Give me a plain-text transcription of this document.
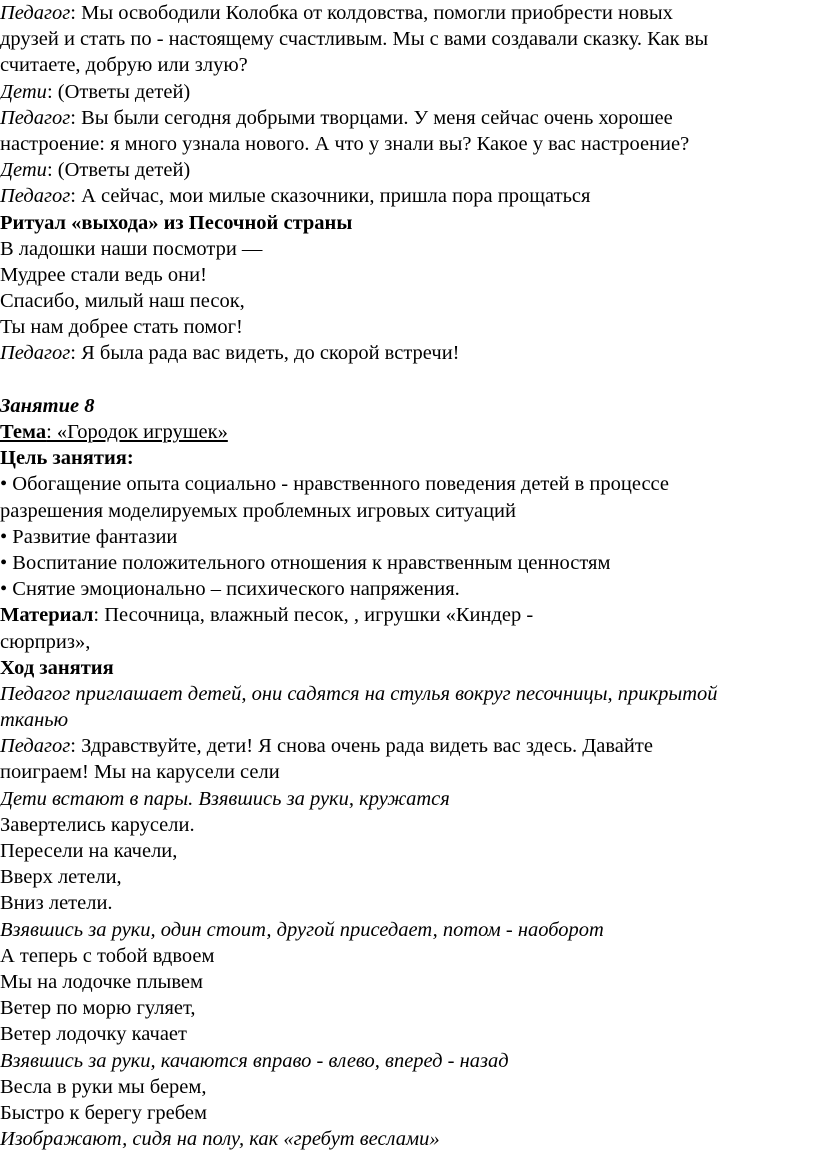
Педагог: Мы освободили Колобка от колдовства, помогли приобрести новых
друзей и стать по - настоящему счастливым. Мы с вами создавали сказку. Как вы
считаете, добрую или злую?
Дети: (Ответы детей)
Педагог: Вы были сегодня добрыми творцами. У меня сейчас очень хорошее
настроение: я много узнала нового. А что у знали вы? Какое у вас настроение?
Дети: (Ответы детей)
Педагог: А сейчас, мои милые сказочники, пришла пора прощаться
Ритуал «выхода» из Песочной страны
В ладошки наши посмотри —
Мудрее стали ведь они!
Спасибо, милый наш песок,
Ты нам добрее стать помог!
Педагог: Я была рада вас видеть, до скорой встречи!
Занятие 8
Тема: «Городок игрушек»
Цель занятия:
• Обогащение опыта социально - нравственного поведения детей в процессе
разрешения моделируемых проблемных игровых ситуаций
• Развитие фантазии
• Воспитание положительного отношения к нравственным ценностям
• Снятие эмоционально – психического напряжения.
Материал: Песочница, влажный песок, , игрушки «Киндер -
сюрприз»,
Ход занятия
Педагог приглашает детей, они садятся на стулья вокруг песочницы, прикрытой
тканью
Педагог: Здравствуйте, дети! Я снова очень рада видеть вас здесь. Давайте
поиграем! Мы на карусели сели
Дети встают в пары. Взявшись за руки, кружатся
Завертелись карусели.
Пересели на качели,
Вверх летели,
Вниз летели.
Взявшись за руки, один стоит, другой приседает, потом - наоборот
А теперь с тобой вдвоем
Мы на лодочке плывем
Ветер по морю гуляет,
Ветер лодочку качает
Взявшись за руки, качаются вправо - влево, вперед - назад
Весла в руки мы берем,
Быстро к берегу гребем
Изображают, сидя на полу, как «гребут веслами»
